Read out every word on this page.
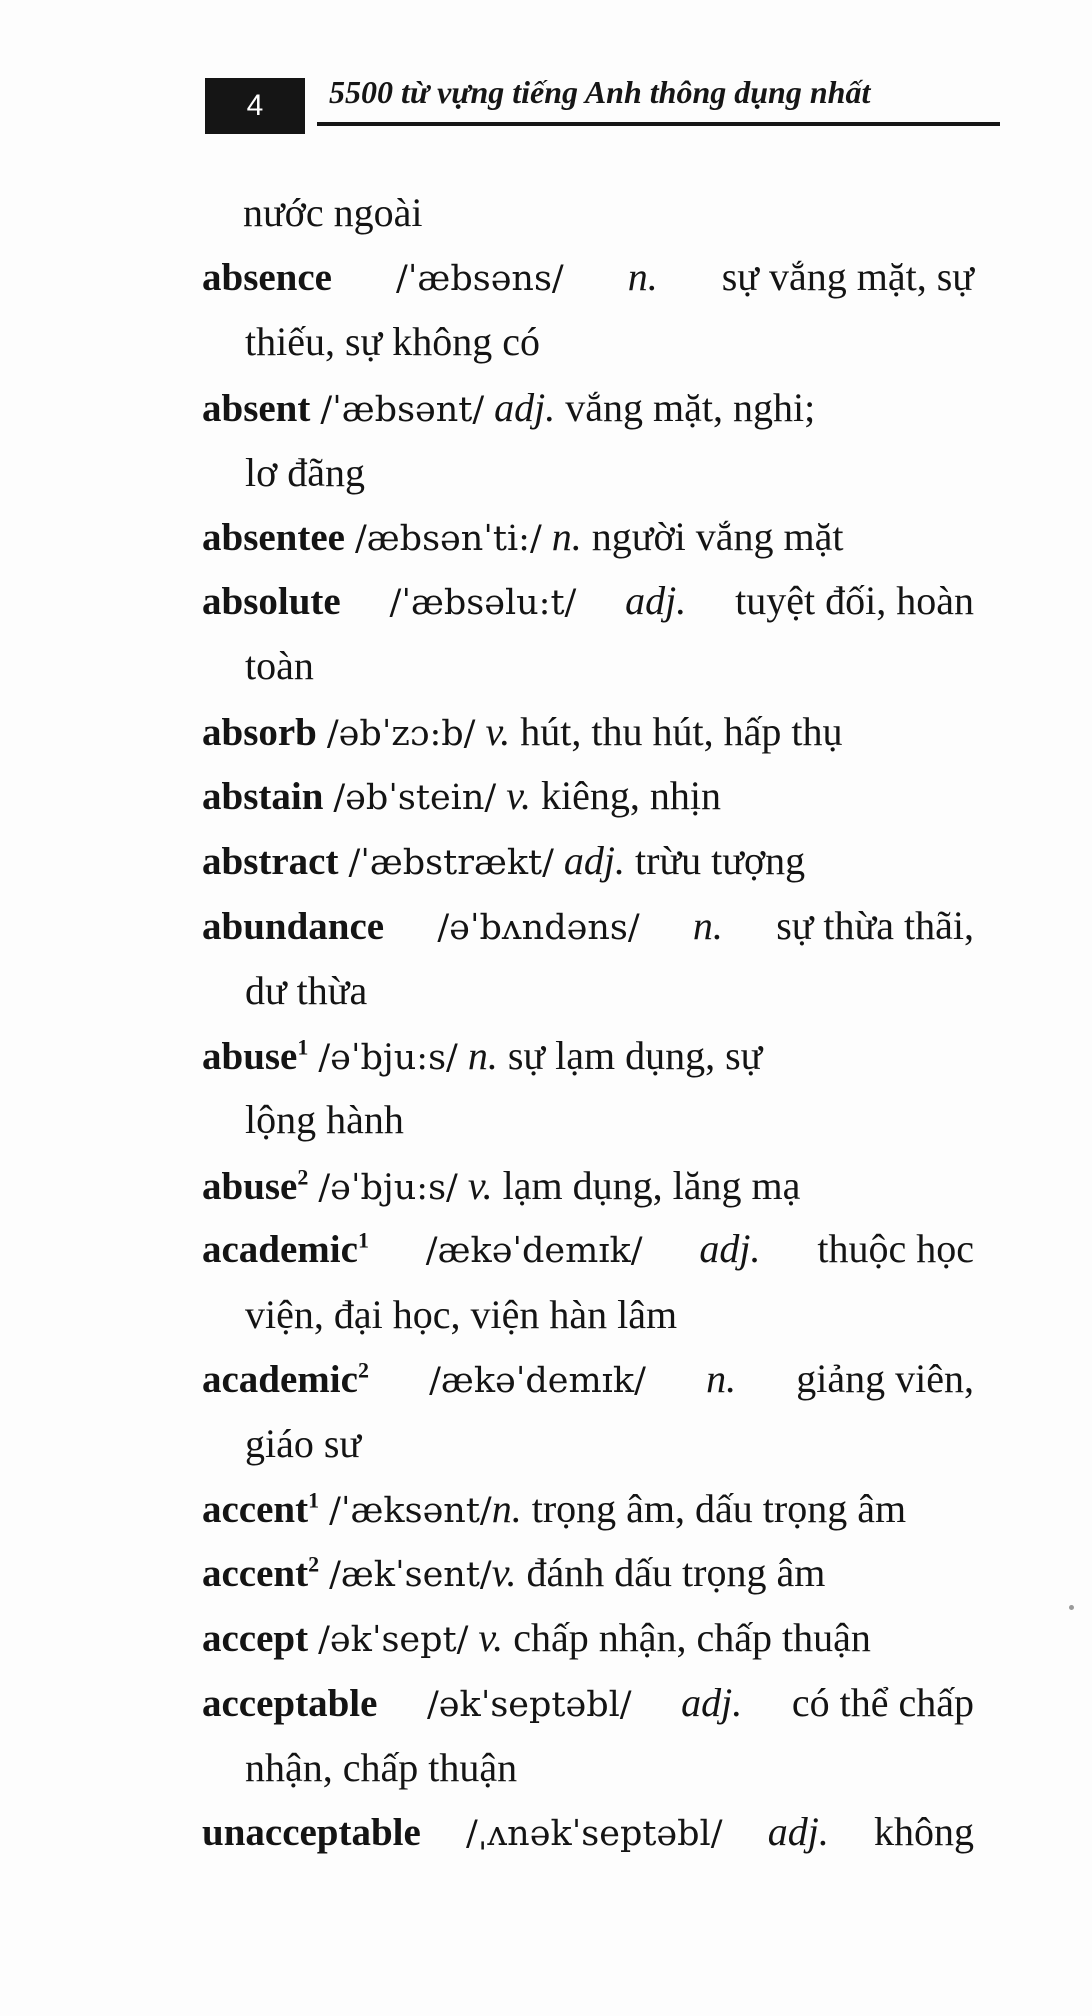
4 5500 từ vựng tiếng Anh thông dụng nhất
nước ngoài
absence /ˈæbsəns/ n. sự vắng mặt, sự
thiếu, sự không có
absent /ˈæbsənt/ adj. vắng mặt, nghi;
lơ đãng
absentee /æbsənˈti:/ n. người vắng mặt
absolute /ˈæbsəlu:t/ adj. tuyệt đối, hoàn
toàn
absorb /əbˈzɔ:b/ v. hút, thu hút, hấp thụ
abstain /əbˈstein/ v. kiêng, nhịn
abstract /ˈæbstrækt/ adj. trừu tượng
abundance /əˈbʌndəns/ n. sự thừa thãi,
dư thừa
abuse$^1$ /əˈbju:s/ n. sự lạm dụng, sự
lộng hành
abuse$^2$ /əˈbju:s/ v. lạm dụng, lăng mạ
academic$^1$ /ækəˈdemɪk/ adj. thuộc học
viện, đại học, viện hàn lâm
academic$^2$ /ækəˈdemɪk/ n. giảng viên,
giáo sư
accent$^1$ /ˈæksənt/n. trọng âm, dấu trọng âm
accent$^2$ /ækˈsent/v. đánh dấu trọng âm
accept /əkˈsept/ v. chấp nhận, chấp thuận
acceptable /əkˈseptəbl/ adj. có thể chấp
nhận, chấp thuận
unacceptable /ˌʌnəkˈseptəbl/ adj. không
